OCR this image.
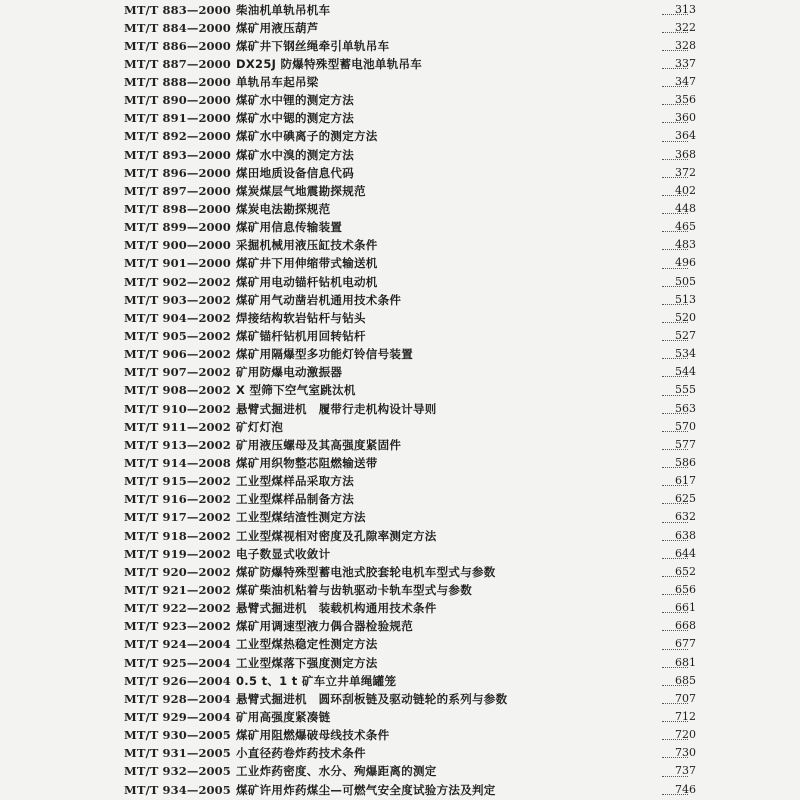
MT/T 883—2000 柴油机单轨吊机车	313
MT/T 884—2000 煤矿用液压葫芦	322
MT/T 886—2000 煤矿井下钢丝绳牵引单轨吊车	328
MT/T 887—2000 DX25J 防爆特殊型蓄电池单轨吊车	337
MT/T 888—2000 单轨吊车起吊梁	347
MT/T 890—2000 煤矿水中锂的测定方法	356
MT/T 891—2000 煤矿水中锶的测定方法	360
MT/T 892—2000 煤矿水中碘离子的测定方法	364
MT/T 893—2000 煤矿水中溴的测定方法	368
MT/T 896—2000 煤田地质设备信息代码	372
MT/T 897—2000 煤炭煤层气地震勘探规范	402
MT/T 898—2000 煤炭电法勘探规范	448
MT/T 899—2000 煤矿用信息传输装置	465
MT/T 900—2000 采掘机械用液压缸技术条件	483
MT/T 901—2000 煤矿井下用伸缩带式输送机	496
MT/T 902—2002 煤矿用电动锚杆钻机电动机	505
MT/T 903—2002 煤矿用气动凿岩机通用技术条件	513
MT/T 904—2002 焊接结构软岩钻杆与钻头	520
MT/T 905—2002 煤矿锚杆钻机用回转钻杆	527
MT/T 906—2002 煤矿用隔爆型多功能灯铃信号装置	534
MT/T 907—2002 矿用防爆电动激振器	544
MT/T 908—2002 X 型筛下空气室跳汰机	555
MT/T 910—2002 悬臂式掘进机　履带行走机构设计导则	563
MT/T 911—2002 矿灯灯泡	570
MT/T 913—2002 矿用液压螺母及其高强度紧固件	577
MT/T 914—2008 煤矿用织物整芯阻燃输送带	586
MT/T 915—2002 工业型煤样品采取方法	617
MT/T 916—2002 工业型煤样品制备方法	625
MT/T 917—2002 工业型煤结渣性测定方法	632
MT/T 918—2002 工业型煤视相对密度及孔隙率测定方法	638
MT/T 919—2002 电子数显式收敛计	644
MT/T 920—2002 煤矿防爆特殊型蓄电池式胶套轮电机车型式与参数	652
MT/T 921—2002 煤矿柴油机粘着与齿轨驱动卡轨车型式与参数	656
MT/T 922—2002 悬臂式掘进机　装载机构通用技术条件	661
MT/T 923—2002 煤矿用调速型液力偶合器检验规范	668
MT/T 924—2004 工业型煤热稳定性测定方法	677
MT/T 925—2004 工业型煤落下强度测定方法	681
MT/T 926—2004 0.5 t、1 t 矿车立井单绳罐笼	685
MT/T 928—2004 悬臂式掘进机　圆环刮板链及驱动链轮的系列与参数	707
MT/T 929—2004 矿用高强度紧凑链	712
MT/T 930—2005 煤矿用阻燃爆破母线技术条件	720
MT/T 931—2005 小直径药卷炸药技术条件	730
MT/T 932—2005 工业炸药密度、水分、殉爆距离的测定	737
MT/T 934—2005 煤矿许用炸药煤尘—可燃气安全度试验方法及判定	746
